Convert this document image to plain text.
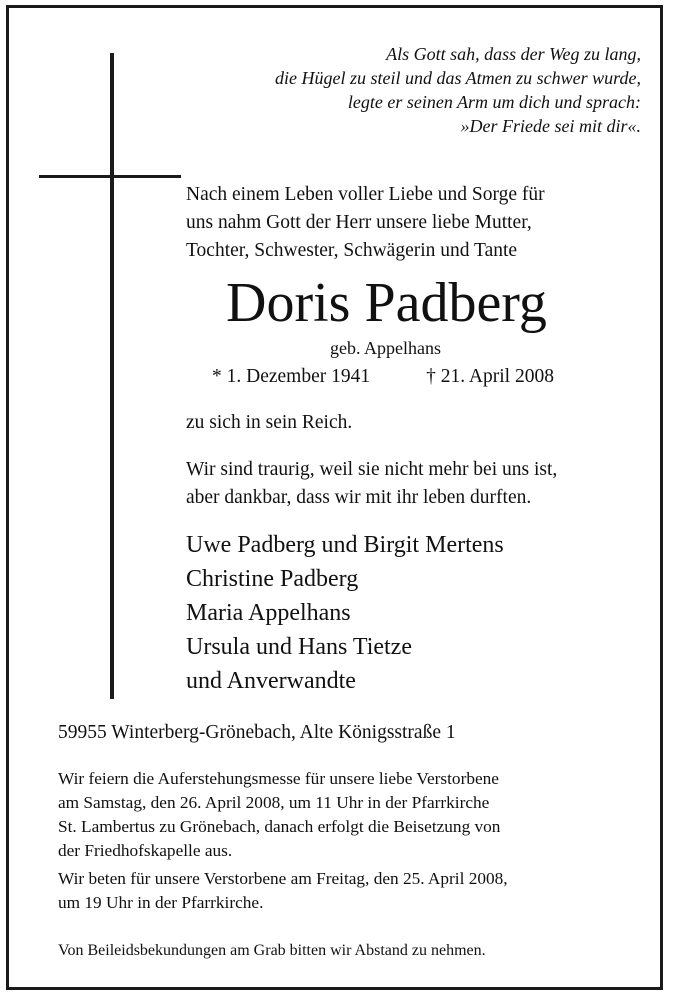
Als Gott sah, dass der Weg zu lang,
die Hügel zu steil und das Atmen zu schwer wurde,
legte er seinen Arm um dich und sprach:
»Der Friede sei mit dir«.
Nach einem Leben voller Liebe und Sorge für
uns nahm Gott der Herr unsere liebe Mutter,
Tochter, Schwester, Schwägerin und Tante
Doris Padberg
geb. Appelhans
* 1. Dezember 1941	† 21. April 2008
zu sich in sein Reich.
Wir sind traurig, weil sie nicht mehr bei uns ist,
aber dankbar, dass wir mit ihr leben durften.
Uwe Padberg und Birgit Mertens
Christine Padberg
Maria Appelhans
Ursula und Hans Tietze
und Anverwandte
59955 Winterberg-Grönebach, Alte Königsstraße 1
Wir feiern die Auferstehungsmesse für unsere liebe Verstorbene
am Samstag, den 26. April 2008, um 11 Uhr in der Pfarrkirche
St. Lambertus zu Grönebach, danach erfolgt die Beisetzung von
der Friedhofskapelle aus.
Wir beten für unsere Verstorbene am Freitag, den 25. April 2008,
um 19 Uhr in der Pfarrkirche.
Von Beileidsbekundungen am Grab bitten wir Abstand zu nehmen.
